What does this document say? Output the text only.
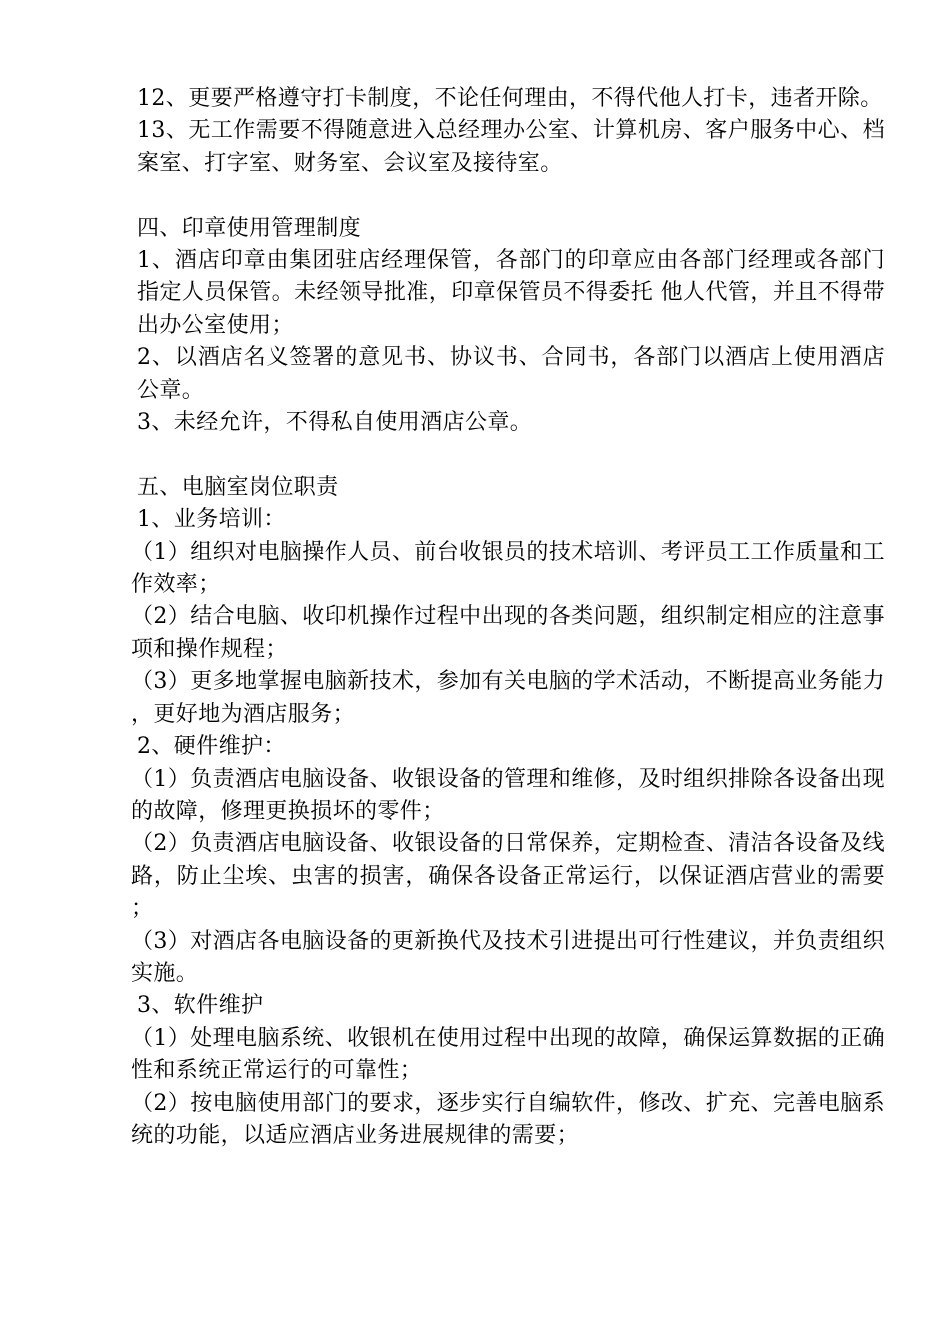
12、更要严格遵守打卡制度，不论任何理由，不得代他人打卡，违者开除。

13、无工作需要不得随意进入总经理办公室、计算机房、客户服务中心、档案室、打字室、财务室、会议室及接待室。

四、印章使用管理制度

1、酒店印章由集团驻店经理保管，各部门的印章应由各部门经理或各部门指定人员保管。未经领导批准，印章保管员不得委托 他人代管，并且不得带出办公室使用；

2、以酒店名义签署的意见书、协议书、合同书，各部门以酒店上使用酒店公章。

3、未经允许，不得私自使用酒店公章。

五、电脑室岗位职责

1、业务培训：

（1）组织对电脑操作人员、前台收银员的技术培训、考评员工工作质量和工作效率；

（2）结合电脑、收印机操作过程中出现的各类问题，组织制定相应的注意事项和操作规程；

（3）更多地掌握电脑新技术，参加有关电脑的学术活动，不断提高业务能力，更好地为酒店服务；

2、硬件维护：

（1）负责酒店电脑设备、收银设备的管理和维修，及时组织排除各设备出现的故障，修理更换损坏的零件；

（2）负责酒店电脑设备、收银设备的日常保养，定期检查、清洁各设备及线路，防止尘埃、虫害的损害，确保各设备正常运行，以保证酒店营业的需要；

（3）对酒店各电脑设备的更新换代及技术引进提出可行性建议，并负责组织实施。

3、软件维护

（1）处理电脑系统、收银机在使用过程中出现的故障，确保运算数据的正确性和系统正常运行的可靠性；

（2）按电脑使用部门的要求，逐步实行自编软件，修改、扩充、完善电脑系统的功能，以适应酒店业务进展规律的需要；
